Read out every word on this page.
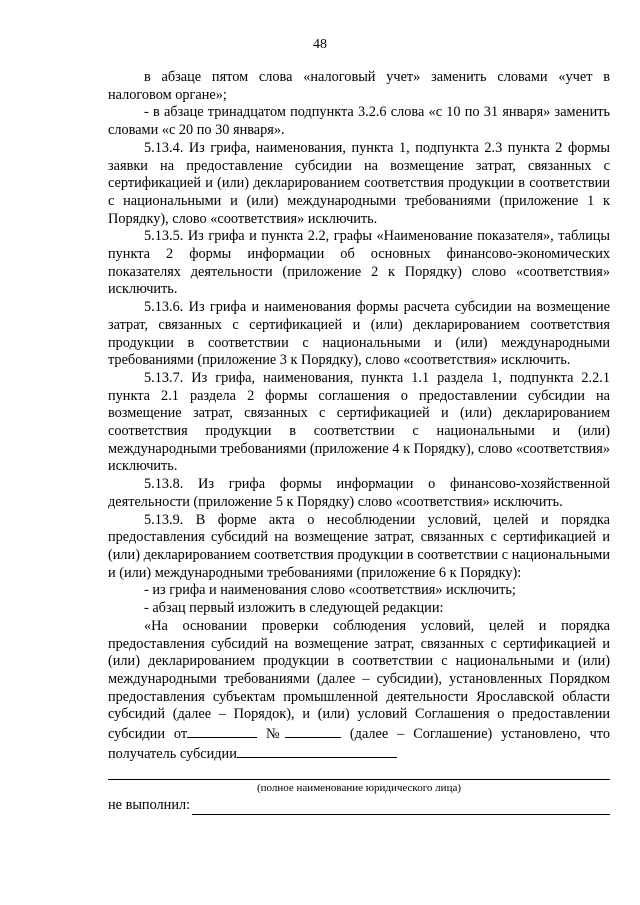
48

в абзаце пятом слова «налоговый учет» заменить словами «учет в налоговом органе»;

- в абзаце тринадцатом подпункта 3.2.6 слова «с 10 по 31 января» заменить словами «с 20 по 30 января».

5.13.4. Из грифа, наименования, пункта 1, подпункта 2.3 пункта 2 формы заявки на предоставление субсидии на возмещение затрат, связанных с сертификацией и (или) декларированием соответствия продукции в соответствии с национальными и (или) международными требованиями (приложение 1 к Порядку), слово «соответствия» исключить.

5.13.5. Из грифа и пункта 2.2, графы «Наименование показателя», таблицы пункта 2 формы информации об основных финансово-экономических показателях деятельности (приложение 2 к Порядку) слово «соответствия» исключить.

5.13.6. Из грифа и наименования формы расчета субсидии на возмещение затрат, связанных с сертификацией и (или) декларированием соответствия продукции в соответствии с национальными и (или) международными требованиями (приложение 3 к Порядку), слово «соответствия» исключить.

5.13.7. Из грифа, наименования, пункта 1.1 раздела 1, подпункта 2.2.1 пункта 2.1 раздела 2 формы соглашения о предоставлении субсидии на возмещение затрат, связанных с сертификацией и (или) декларированием соответствия продукции в соответствии с национальными и (или) международными требованиями (приложение 4 к Порядку), слово «соответствия» исключить.

5.13.8. Из грифа формы информации о финансово-хозяйственной деятельности (приложение 5 к Порядку) слово «соответствия» исключить.

5.13.9. В форме акта о несоблюдении условий, целей и порядка предоставления субсидий на возмещение затрат, связанных с сертификацией и (или) декларированием соответствия продукции в соответствии с национальными и (или) международными требованиями (приложение 6 к Порядку):

- из грифа и наименования слово «соответствия» исключить;

- абзац первый изложить в следующей редакции:

«На основании проверки соблюдения условий, целей и порядка предоставления субсидий на возмещение затрат, связанных с сертификацией и (или) декларированием продукции в соответствии с национальными и (или) международными требованиями (далее – субсидии), установленных Порядком предоставления субъектам промышленной деятельности Ярославской области субсидий (далее – Порядок), и (или) условий Соглашения о предоставлении субсидии от	№	(далее – Соглашение) установлено, что получатель субсидии

(полное наименование юридического лица)
не выполнил:
